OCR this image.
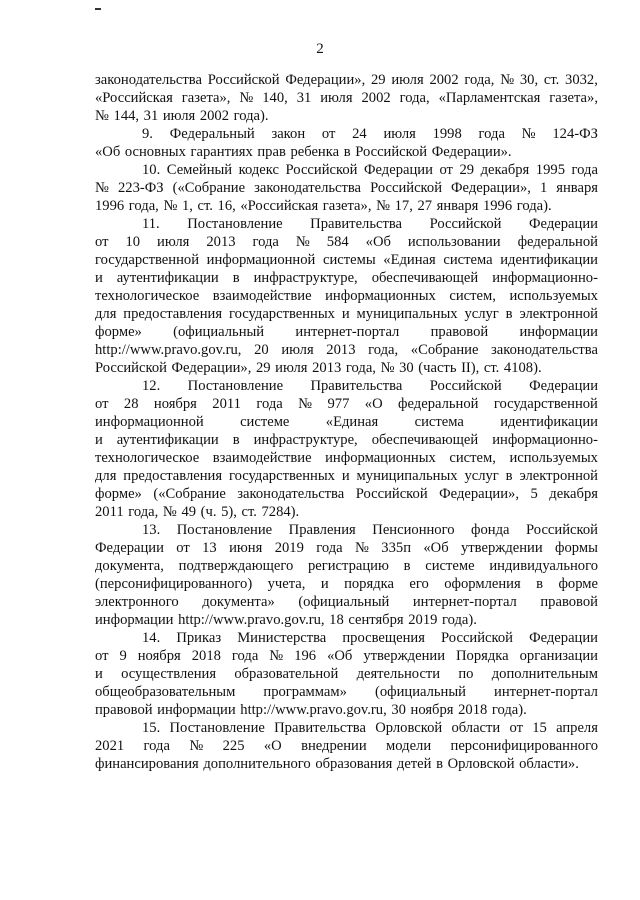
2
законодательства Российской Федерации», 29 июля 2002 года, № 30, ст. 3032,
«Российская газета», № 140, 31 июля 2002 года, «Парламентская газета»,
№ 144, 31 июля 2002 года).
9. Федеральный закон от 24 июля 1998 года № 124-ФЗ
«Об основных гарантиях прав ребенка в Российской Федерации».
10. Семейный кодекс Российской Федерации от 29 декабря 1995 года
№ 223-ФЗ («Собрание законодательства Российской Федерации», 1 января
1996 года, № 1, ст. 16, «Российская газета», № 17, 27 января 1996 года).
11. Постановление Правительства Российской Федерации
от 10 июля 2013 года № 584 «Об использовании федеральной
государственной информационной системы «Единая система идентификации
и аутентификации в инфраструктуре, обеспечивающей информационно-
технологическое взаимодействие информационных систем, используемых
для предоставления государственных и муниципальных услуг в электронной
форме» (официальный интернет-портал правовой информации
http://www.pravo.gov.ru, 20 июля 2013 года, «Собрание законодательства
Российской Федерации», 29 июля 2013 года, № 30 (часть II), ст. 4108).
12. Постановление Правительства Российской Федерации
от 28 ноября 2011 года № 977 «О федеральной государственной
информационной системе «Единая система идентификации
и аутентификации в инфраструктуре, обеспечивающей информационно-
технологическое взаимодействие информационных систем, используемых
для предоставления государственных и муниципальных услуг в электронной
форме» («Собрание законодательства Российской Федерации», 5 декабря
2011 года, № 49 (ч. 5), ст. 7284).
13. Постановление Правления Пенсионного фонда Российской
Федерации от 13 июня 2019 года № 335п «Об утверждении формы
документа, подтверждающего регистрацию в системе индивидуального
(персонифицированного) учета, и порядка его оформления в форме
электронного документа» (официальный интернет-портал правовой
информации http://www.pravo.gov.ru, 18 сентября 2019 года).
14. Приказ Министерства просвещения Российской Федерации
от 9 ноября 2018 года № 196 «Об утверждении Порядка организации
и осуществления образовательной деятельности по дополнительным
общеобразовательным программам» (официальный интернет-портал
правовой информации http://www.pravo.gov.ru, 30 ноября 2018 года).
15. Постановление Правительства Орловской области от 15 апреля
2021 года № 225 «О внедрении модели персонифицированного
финансирования дополнительного образования детей в Орловской области».
